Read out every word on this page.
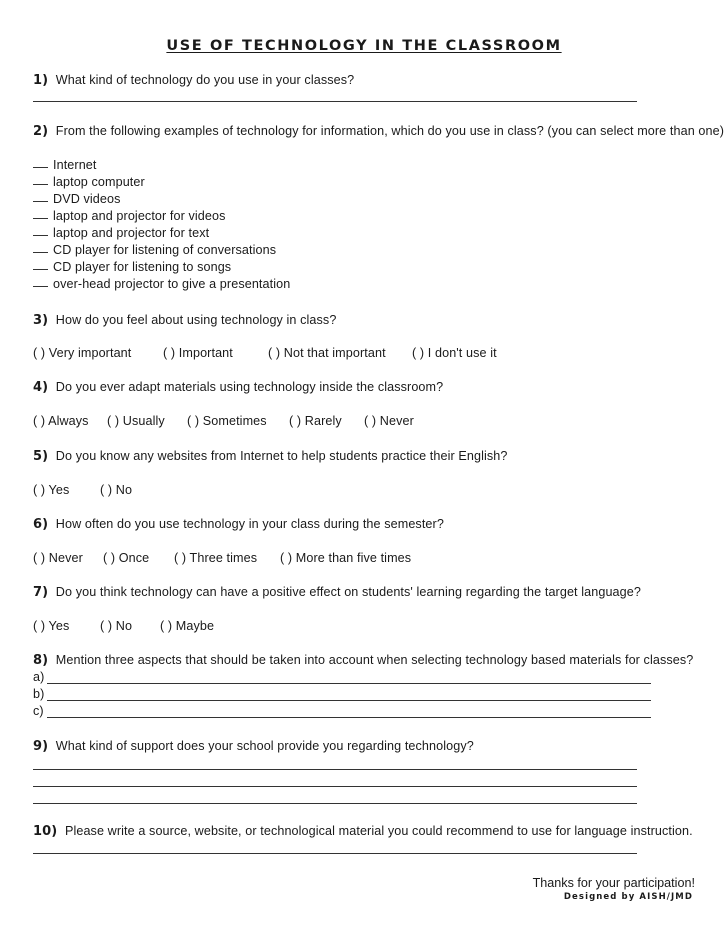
USE OF TECHNOLOGY IN THE CLASSROOM
1) What kind of technology do you use in your classes?
2) From the following examples of technology for information, which do you use in class? (you can select more than one)
Internet
laptop computer
DVD videos
laptop and projector for videos
laptop and projector for text
CD player for listening of conversations
CD player for listening to songs
over-head projector to give a presentation
3) How do you feel about using technology in class?
( ) Very important	( ) Important	( ) Not that important ( ) I don't use it
4) Do you ever adapt materials using technology inside the classroom?
( ) Always ( ) Usually ( ) Sometimes ( ) Rarely ( ) Never
5) Do you know any websites from Internet to help students practice their English?
( ) Yes ( ) No
6) How often do you use technology in your class during the semester?
( ) Never ( ) Once ( ) Three times ( ) More than five times
7) Do you think technology can have a positive effect on students' learning regarding the target language?
( ) Yes ( ) No ( ) Maybe
8) Mention three aspects that should be taken into account when selecting technology based materials for classes?
a)
b)
c)
9) What kind of support does your school provide you regarding technology?
10) Please write a source, website, or technological material you could recommend to use for language instruction.
Thanks for your participation!
Designed by AISH/JMD
